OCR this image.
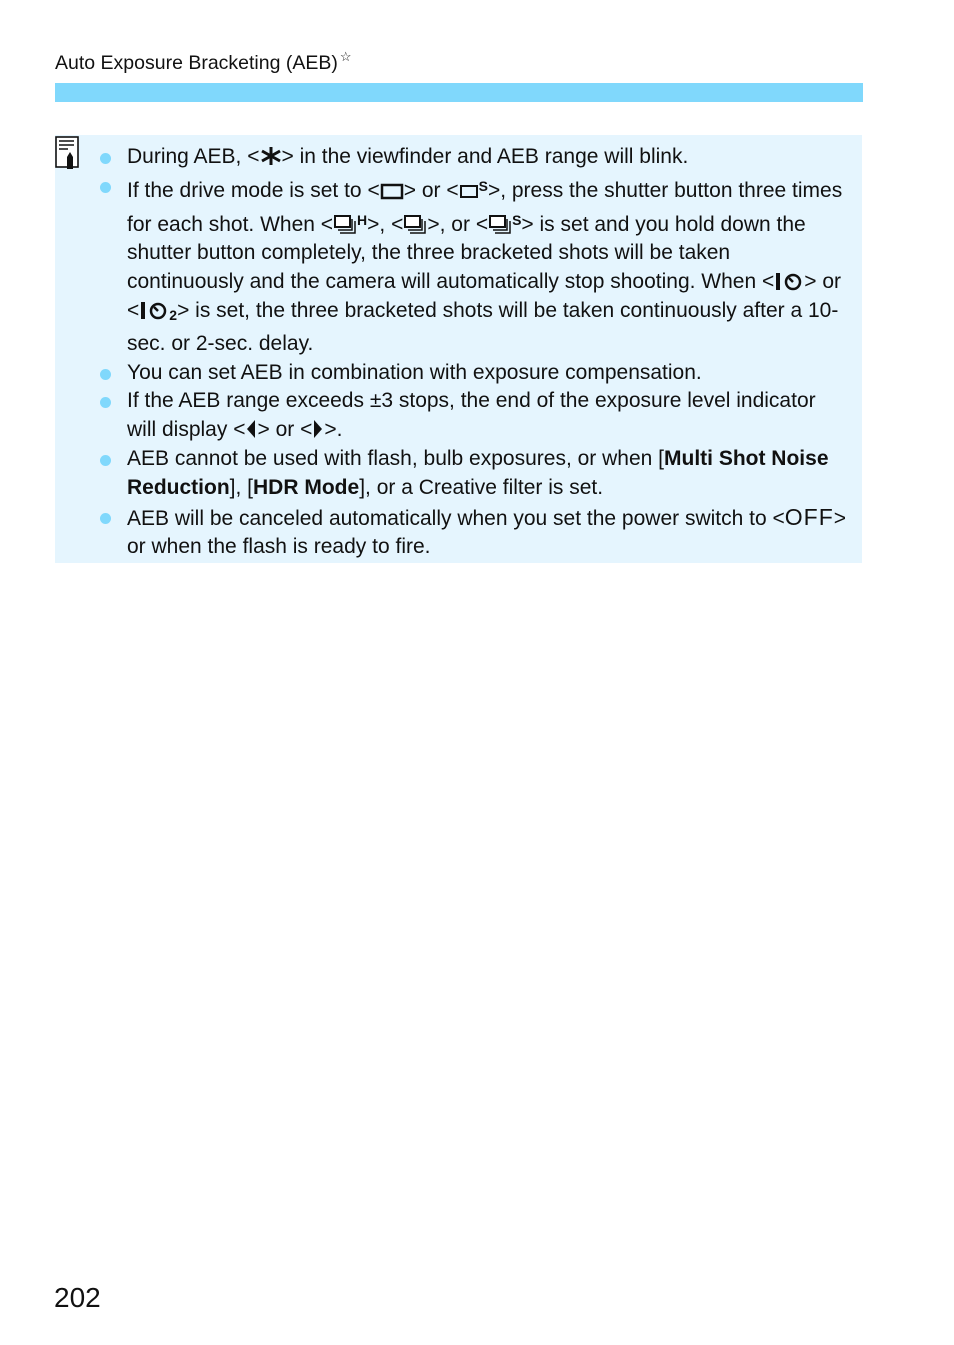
Auto Exposure Bracketing (AEB) ☆
During AEB, < > in the viewfinder and AEB range will blink.
If the drive mode is set to < > or < $^S$>, press the shutter button three times for each shot. When < $^H$>, < >, or < $^S$> is set and you hold down the shutter button completely, the three bracketed shots will be taken continuously and the camera will automatically stop shooting. When < > or < $_2$> is set, the three bracketed shots will be taken continuously after a 10-sec. or 2-sec. delay.
You can set AEB in combination with exposure compensation.
If the AEB range exceeds ±3 stops, the end of the exposure level indicator will display < > or < >.
AEB cannot be used with flash, bulb exposures, or when [Multi Shot Noise Reduction], [HDR Mode], or a Creative filter is set.
AEB will be canceled automatically when you set the power switch to <OFF> or when the flash is ready to fire.
202
